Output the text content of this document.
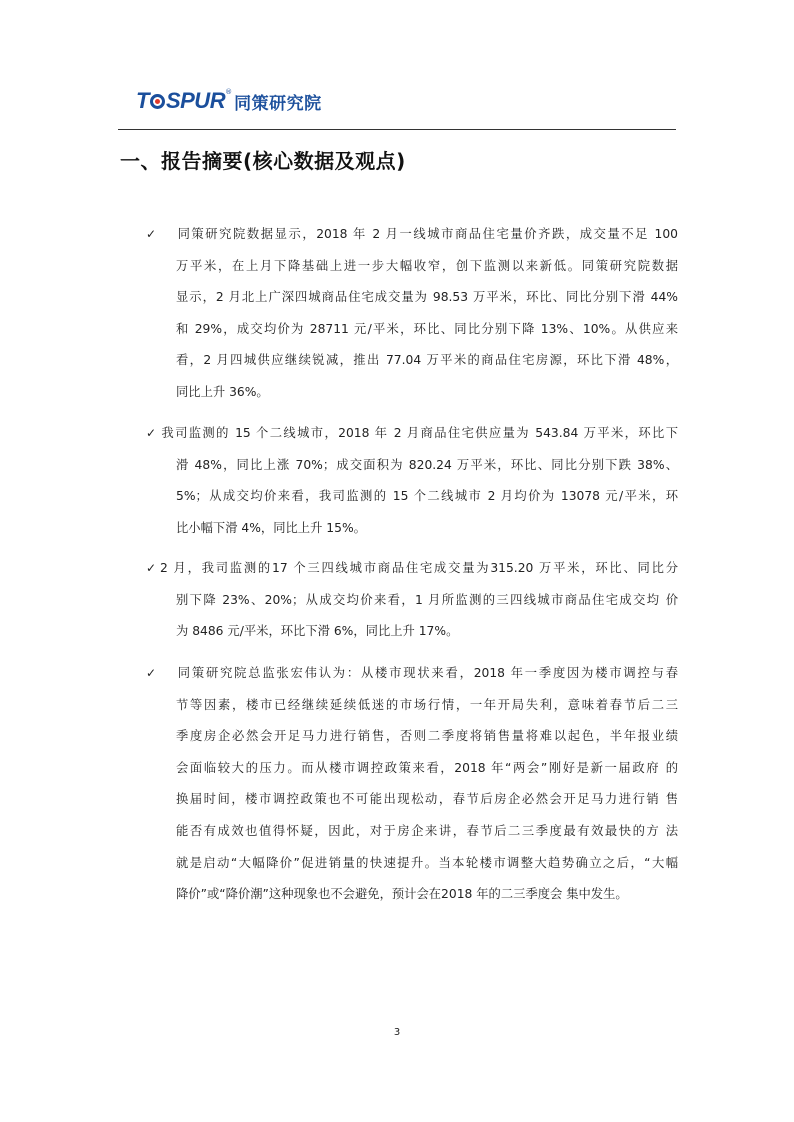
T SPUR ®
同策研究院
一、报告摘要(核心数据及观点)

✓ 同策研究院数据显示，2018 年 2 月一线城市商品住宅量价齐跌，成交量不足 100
万平米，在上月下降基础上进一步大幅收窄，创下监测以来新低。同策研究院数据
显示，2 月北上广深四城商品住宅成交量为 98.53 万平米，环比、同比分别下滑 44%
和 29%，成交均价为 28711 元/平米，环比、同比分别下降 13%、10%。从供应来
看，2 月四城供应继续锐减，推出 77.04 万平米的商品住宅房源，环比下滑 48%，
同比上升 36%。

✓ 我司监测的 15 个二线城市，2018 年 2 月商品住宅供应量为 543.84 万平米，环比下
滑 48%，同比上涨 70%；成交面积为 820.24 万平米，环比、同比分别下跌 38%、
5%；从成交均价来看，我司监测的 15 个二线城市 2 月均价为 13078 元/平米，环
比小幅下滑 4%，同比上升 15%。

✓ 2 月，我司监测的17 个三四线城市商品住宅成交量为315.20 万平米，环比、同比分
别下降 23%、20%；从成交均价来看，1 月所监测的三四线城市商品住宅成交均 价
为 8486 元/平米，环比下滑 6%，同比上升 17%。

✓ 同策研究院总监张宏伟认为：从楼市现状来看，2018 年一季度因为楼市调控与春
节等因素，楼市已经继续延续低迷的市场行情，一年开局失利，意味着春节后二三
季度房企必然会开足马力进行销售，否则二季度将销售量将难以起色，半年报业绩
会面临较大的压力。而从楼市调控政策来看，2018 年“两会”刚好是新一届政府 的
换届时间，楼市调控政策也不可能出现松动，春节后房企必然会开足马力进行销 售
能否有成效也值得怀疑，因此，对于房企来讲，春节后二三季度最有效最快的方 法
就是启动“大幅降价”促进销量的快速提升。当本轮楼市调整大趋势确立之后，“大幅
降价”或“降价潮”这种现象也不会避免，预计会在2018 年的二三季度会 集中发生。

3
